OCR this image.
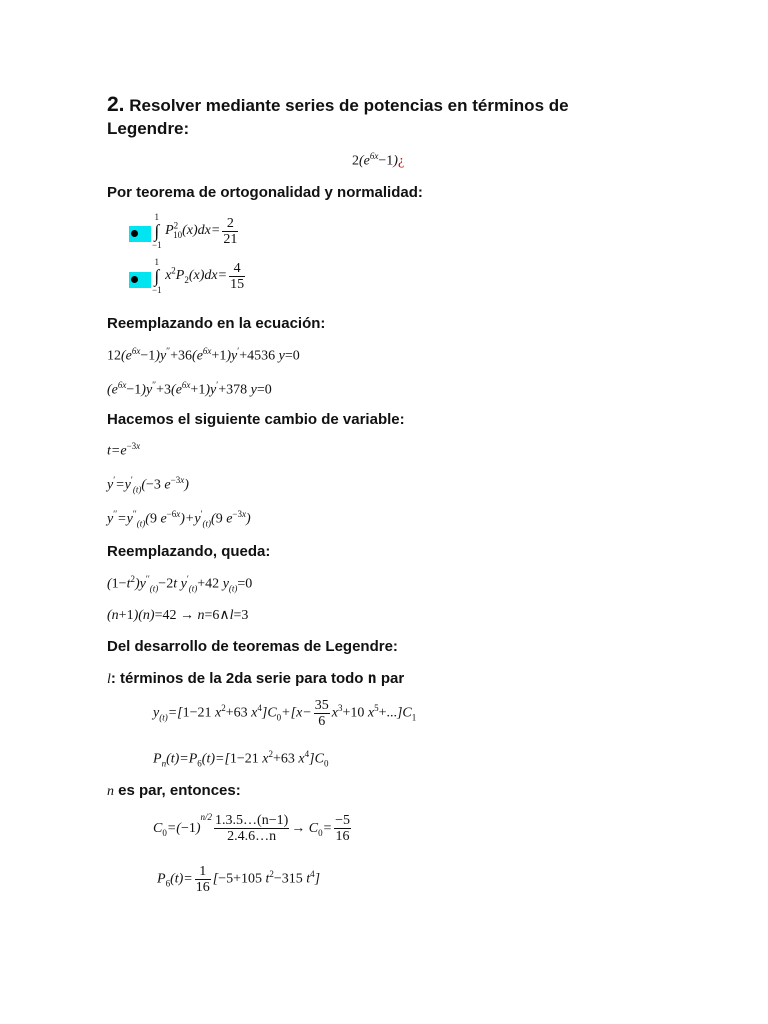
2. Resolver mediante series de potencias en términos de
Legendre:
$2(e^{6x}-1)¿$
Por teorema de ortogonalidad y normalidad:
1
∫
−1
$P^2_{10}(x)dx= \frac{2}{21}$
1
∫
−1
$x^2P_2(x)dx= \frac{4}{15}$
Reemplazando en la ecuación:
$12(e^{6x}-1)y''+36(e^{6x}+1)y'+4536$ y=0
$(e^{6x}-1)y''+3(e^{6x}+1)y'+378$ y=0
Hacemos el siguiente cambio de variable:
$t=e^{-3x}$
$y'=y'_{(t)}(-3$ $e^{-3x}$)
$y''=y''_{(t)}(9$ $e^{-6x})+y'_{(t)}(9$ $e^{-3x}$)
Reemplazando, queda:
$(1-t^2)y''_{(t)}-2t$ $y'_{(t)}+42$ $y_{(t)}=0$
(n+1)(n)=42 → n=6∧l=3
Del desarrollo de teoremas de Legendre:
l: términos de la 2da serie para todo n par
$y_{(t)}=[1-21$ $x^2+63$ $x^4]C_0+[x- \frac{35}{6} x^3+10$ $x^5+...]C_1$
$P_n(t)=P_6(t)=[1-21$ $x^2+63$ $x^4]C_0$
n es par, entonces:
$C_0=(-1)^{n/2} \frac{1.3.5\dots(n-1)}{2.4.6\dots n} \to C_0= \frac{-5}{16}$
$P_6(t)= \frac{1}{16} [-5+105$ $t^2-315$ $t^4$]
